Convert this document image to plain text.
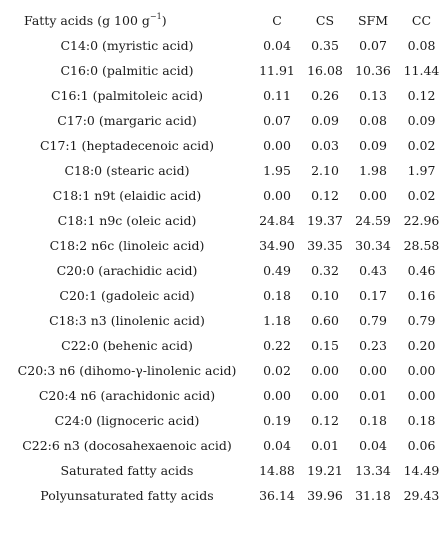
Fatty acids (g 100 $g^{-1}$)	C	CS	SFM	CC
C14:0 (myristic acid)	0.04	0.35	0.07	0.08
C16:0 (palmitic acid)	11.91	16.08	10.36	11.44
C16:1 (palmitoleic acid)	0.11	0.26	0.13	0.12
C17:0 (margaric acid)	0.07	0.09	0.08	0.09
C17:1 (heptadecenoic acid)	0.00	0.03	0.09	0.02
C18:0 (stearic acid)	1.95	2.10	1.98	1.97
C18:1 n9t (elaidic acid)	0.00	0.12	0.00	0.02
C18:1 n9c (oleic acid)	24.84	19.37	24.59	22.96
C18:2 n6c (linoleic acid)	34.90	39.35	30.34	28.58
C20:0 (arachidic acid)	0.49	0.32	0.43	0.46
C20:1 (gadoleic acid)	0.18	0.10	0.17	0.16
C18:3 n3 (linolenic acid)	1.18	0.60	0.79	0.79
C22:0 (behenic acid)	0.22	0.15	0.23	0.20
C20:3 n6 (dihomo-γ-linolenic acid)	0.02	0.00	0.00	0.00
C20:4 n6 (arachidonic acid)	0.00	0.00	0.01	0.00
C24:0 (lignoceric acid)	0.19	0.12	0.18	0.18
C22:6 n3 (docosahexaenoic acid)	0.04	0.01	0.04	0.06
Saturated fatty acids	14.88	19.21	13.34	14.49
Polyunsaturated fatty acids	36.14	39.96	31.18	29.43
